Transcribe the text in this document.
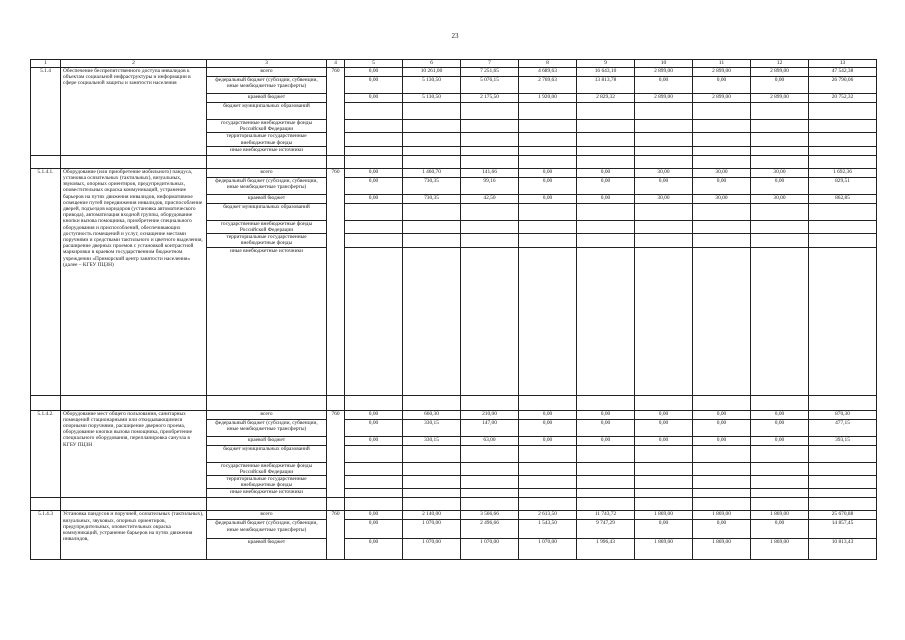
23
1	2	3	4	5	6	7	8	9	10	11	12	13
5.1.4	Обеспечение беспрепятственного доступа инвалидов к объектам социальной инфраструктуры и информации в сфере социальной защиты и занятости населения	всего	760	0,00	10 261,00	7 251,65	4 689,63	16 643,10	2 899,00	2 899,00	2 899,00	47 542,38
		федеральный бюджет (субсидии, субвенции, иные межбюджетные трансферты)		0,00	5 130,50	5 076,15	2 769,63	13 813,78	0,00	0,00	0,00	26 790,06
		краевой бюджет		0,00	5 130,50	2 175,50	1 920,00	2 829,32	2 899,00	2 899,00	2 899,00	20 752,32
		бюджет муниципальных образований										
		государственные внебюджетные фонды Российской Федерации										
		территориальные государственные внебюджетные фонды										
		иные внебюджетные источники										

5.1.4.1.	Оборудование (или приобретение мобильного) пандуса, установка осязательных (тактильных), визуальных, звуковых, опорных ориентиров, предупредительных, оповестительных окраска коммуникаций, устранение барьеров на путях движения инвалидов, информативное освещение путей передвижения инвалидов, приспособление дверей, подъездов коридоров (установка автоматического привода), автоматизация входной группы, оборудование кнопки вызова помощника, приобретение специального оборудования и приспособлений, обеспечивающих доступность помещений и услуг, оснащение местами поручнями и средствами тактильного и цветного выделения, расширение дверных проемов с установкой контрастной маркировки в краевом государственном бюджетном учреждении «Приморский центр занятости населения» (далее – КГБУ ПЦЗН)	всего	760	0,00	1 460,70	141,66	0,00	0,00	30,00	30,00	30,00	1 692,36
		федеральный бюджет (субсидии, субвенции, иные межбюджетные трансферты)		0,00	730,35	99,16	0,00	0,00	0,00	0,00	0,00	829,51
		краевой бюджет		0,00	730,35	42,50	0,00	0,00	30,00	30,00	30,00	862,85
		бюджет муниципальных образований										
		государственные внебюджетные фонды Российской Федерации										
		территориальные государственные внебюджетные фонды										
		иные внебюджетные источники										

5.1.4.2.	Оборудование мест общего пользования, санитарных помещений стационарными или откидывающимися опорными поручнями, расширение дверного проема, оборудование кнопки вызова помощника, приобретение специального оборудования, перепланировка санузла в КГБУ ПЦЗН	всего	760	0,00	660,30	210,00	0,00	0,00	0,00	0,00	0,00	870,30
		федеральный бюджет (субсидии, субвенции, иные межбюджетные трансферты)		0,00	330,15	147,00	0,00	0,00	0,00	0,00	0,00	477,15
		краевой бюджет		0,00	330,15	63,00	0,00	0,00	0,00	0,00	0,00	393,15
		бюджет муниципальных образований										
		государственные внебюджетные фонды Российской Федерации										
		территориальные государственные внебюджетные фонды										
		иные внебюджетные источники										

5.1.4.3	Установка пандусов и поручней, осязательных (тактильных), визуальных, звуковых, опорных ориентиров, предупредительных, оповестительных окраска коммуникаций, устранение барьеров на путях движения инвалидов,	всего	760	0,00	2 140,00	3 566,66	2 613,50	11 743,72	1 869,00	1 869,00	1 869,00	25 670,88
		федеральный бюджет (субсидии, субвенции, иные межбюджетные трансферты)		0,00	1 070,00	2 496,66	1 543,50	9 747,29	0,00	0,00	0,00	14 857,45
		краевой бюджет		0,00	1 070,00	1 070,00	1 070,00	1 996,43	1 869,00	1 869,00	1 869,00	10 813,43
